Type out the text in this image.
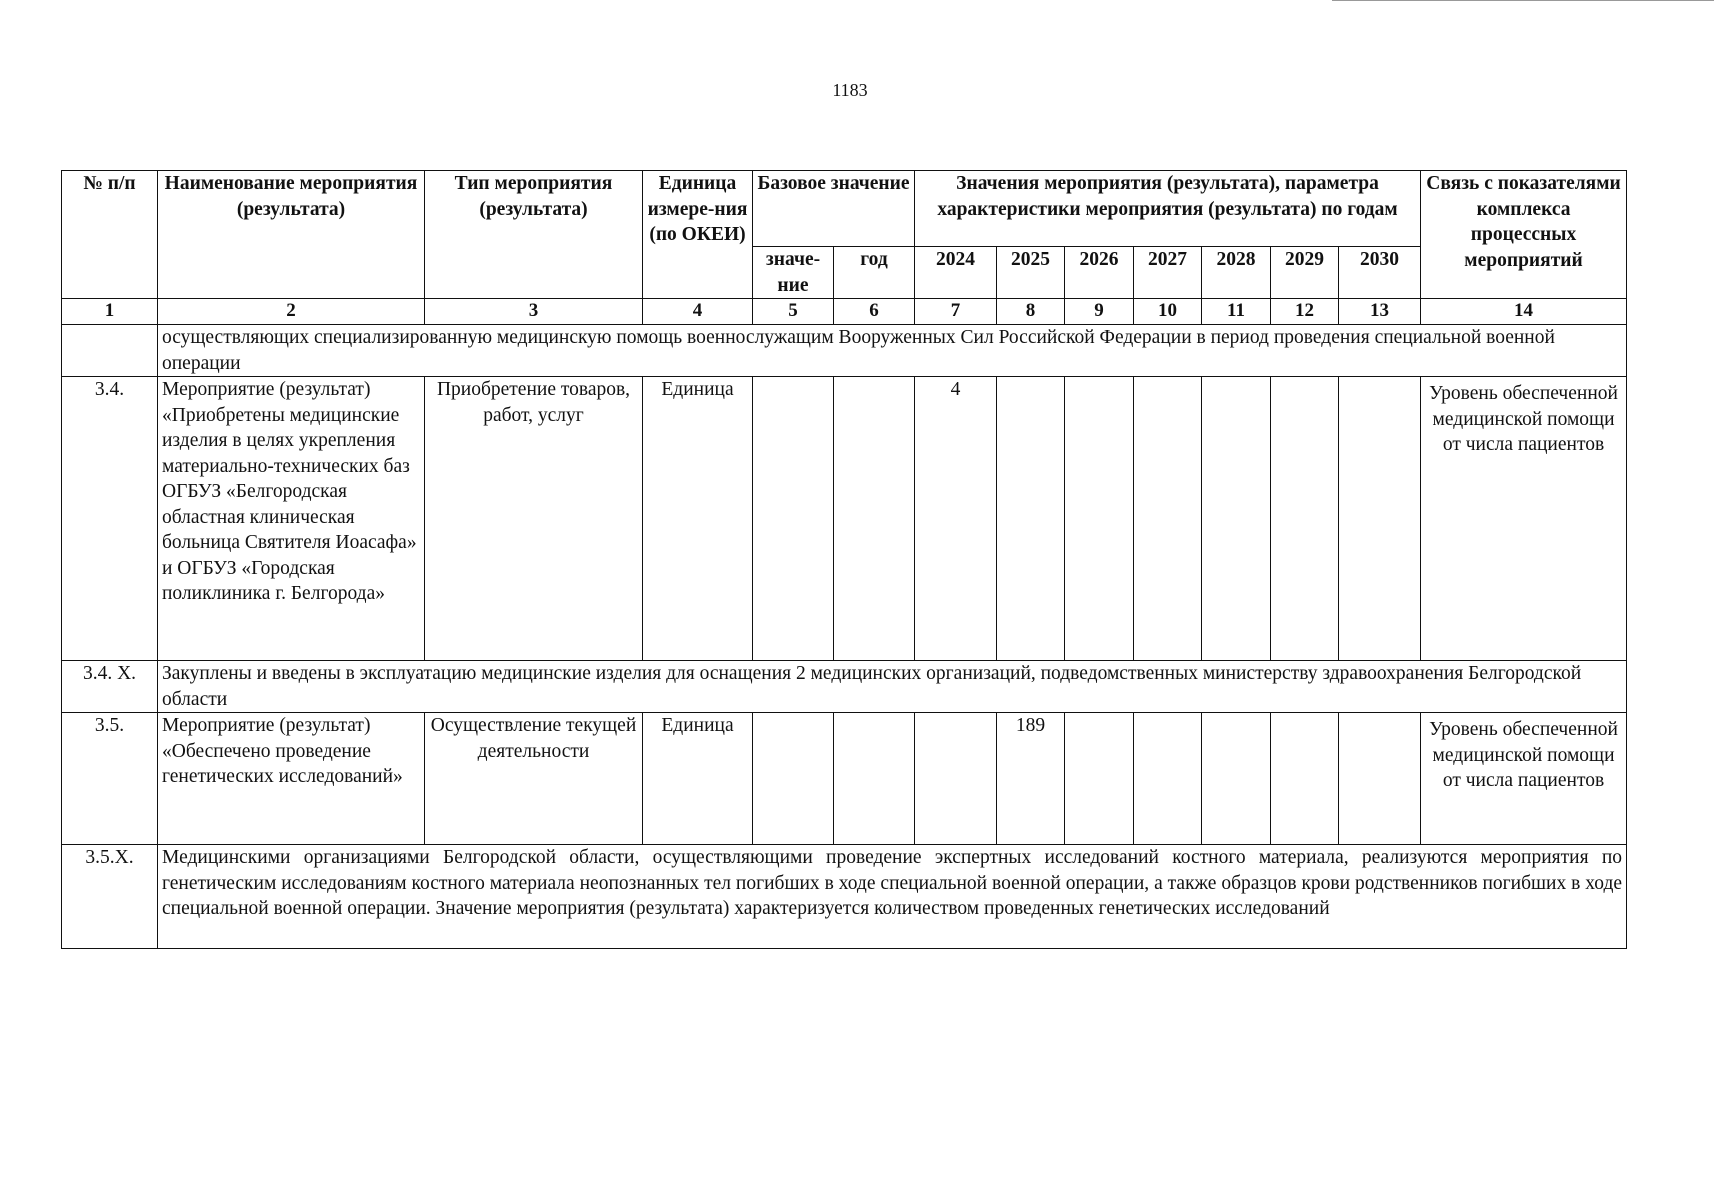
1183
№ п/п	Наименование мероприятия (результата)	Тип мероприятия (результата)	Единица измере-ния (по ОКЕИ)	Базовое значение		Значения мероприятия (результата), параметра характеристики мероприятия (результата) по годам							Связь с показателями комплекса процессных мероприятий
				значе-ние	год	2024	2025	2026	2027	2028	2029	2030	
1	2	3	4	5	6	7	8	9	10	11	12	13	14
	осуществляющих специализированную медицинскую помощь военнослужащим Вооруженных Сил Российской Федерации в период проведения специальной военной операции												
3.4.	Мероприятие (результат) «Приобретены медицинские изделия в целях укрепления материально-технических баз ОГБУЗ «Белгородская областная клиническая больница Святителя Иоасафа» и ОГБУЗ «Городская поликлиника г. Белгорода»	Приобретение товаров, работ, услуг	Единица			4							Уровень обеспеченной медицинской помощи от числа пациентов
3.4. Х.	Закуплены и введены в эксплуатацию медицинские изделия для оснащения 2 медицинских организаций, подведомственных министерству здравоохранения Белгородской области												
3.5.	Мероприятие (результат) «Обеспечено проведение генетических исследований»	Осуществление текущей деятельности	Единица				189						Уровень обеспеченной медицинской помощи от числа пациентов
3.5.Х.	Медицинскими организациями Белгородской области, осуществляющими проведение экспертных исследований костного материала, реализуются мероприятия по генетическим исследованиям костного материала неопознанных тел погибших в ходе специальной военной операции, а также образцов крови родственников погибших в ходе специальной военной операции. Значение мероприятия (результата) характеризуется количеством проведенных генетических исследований												
